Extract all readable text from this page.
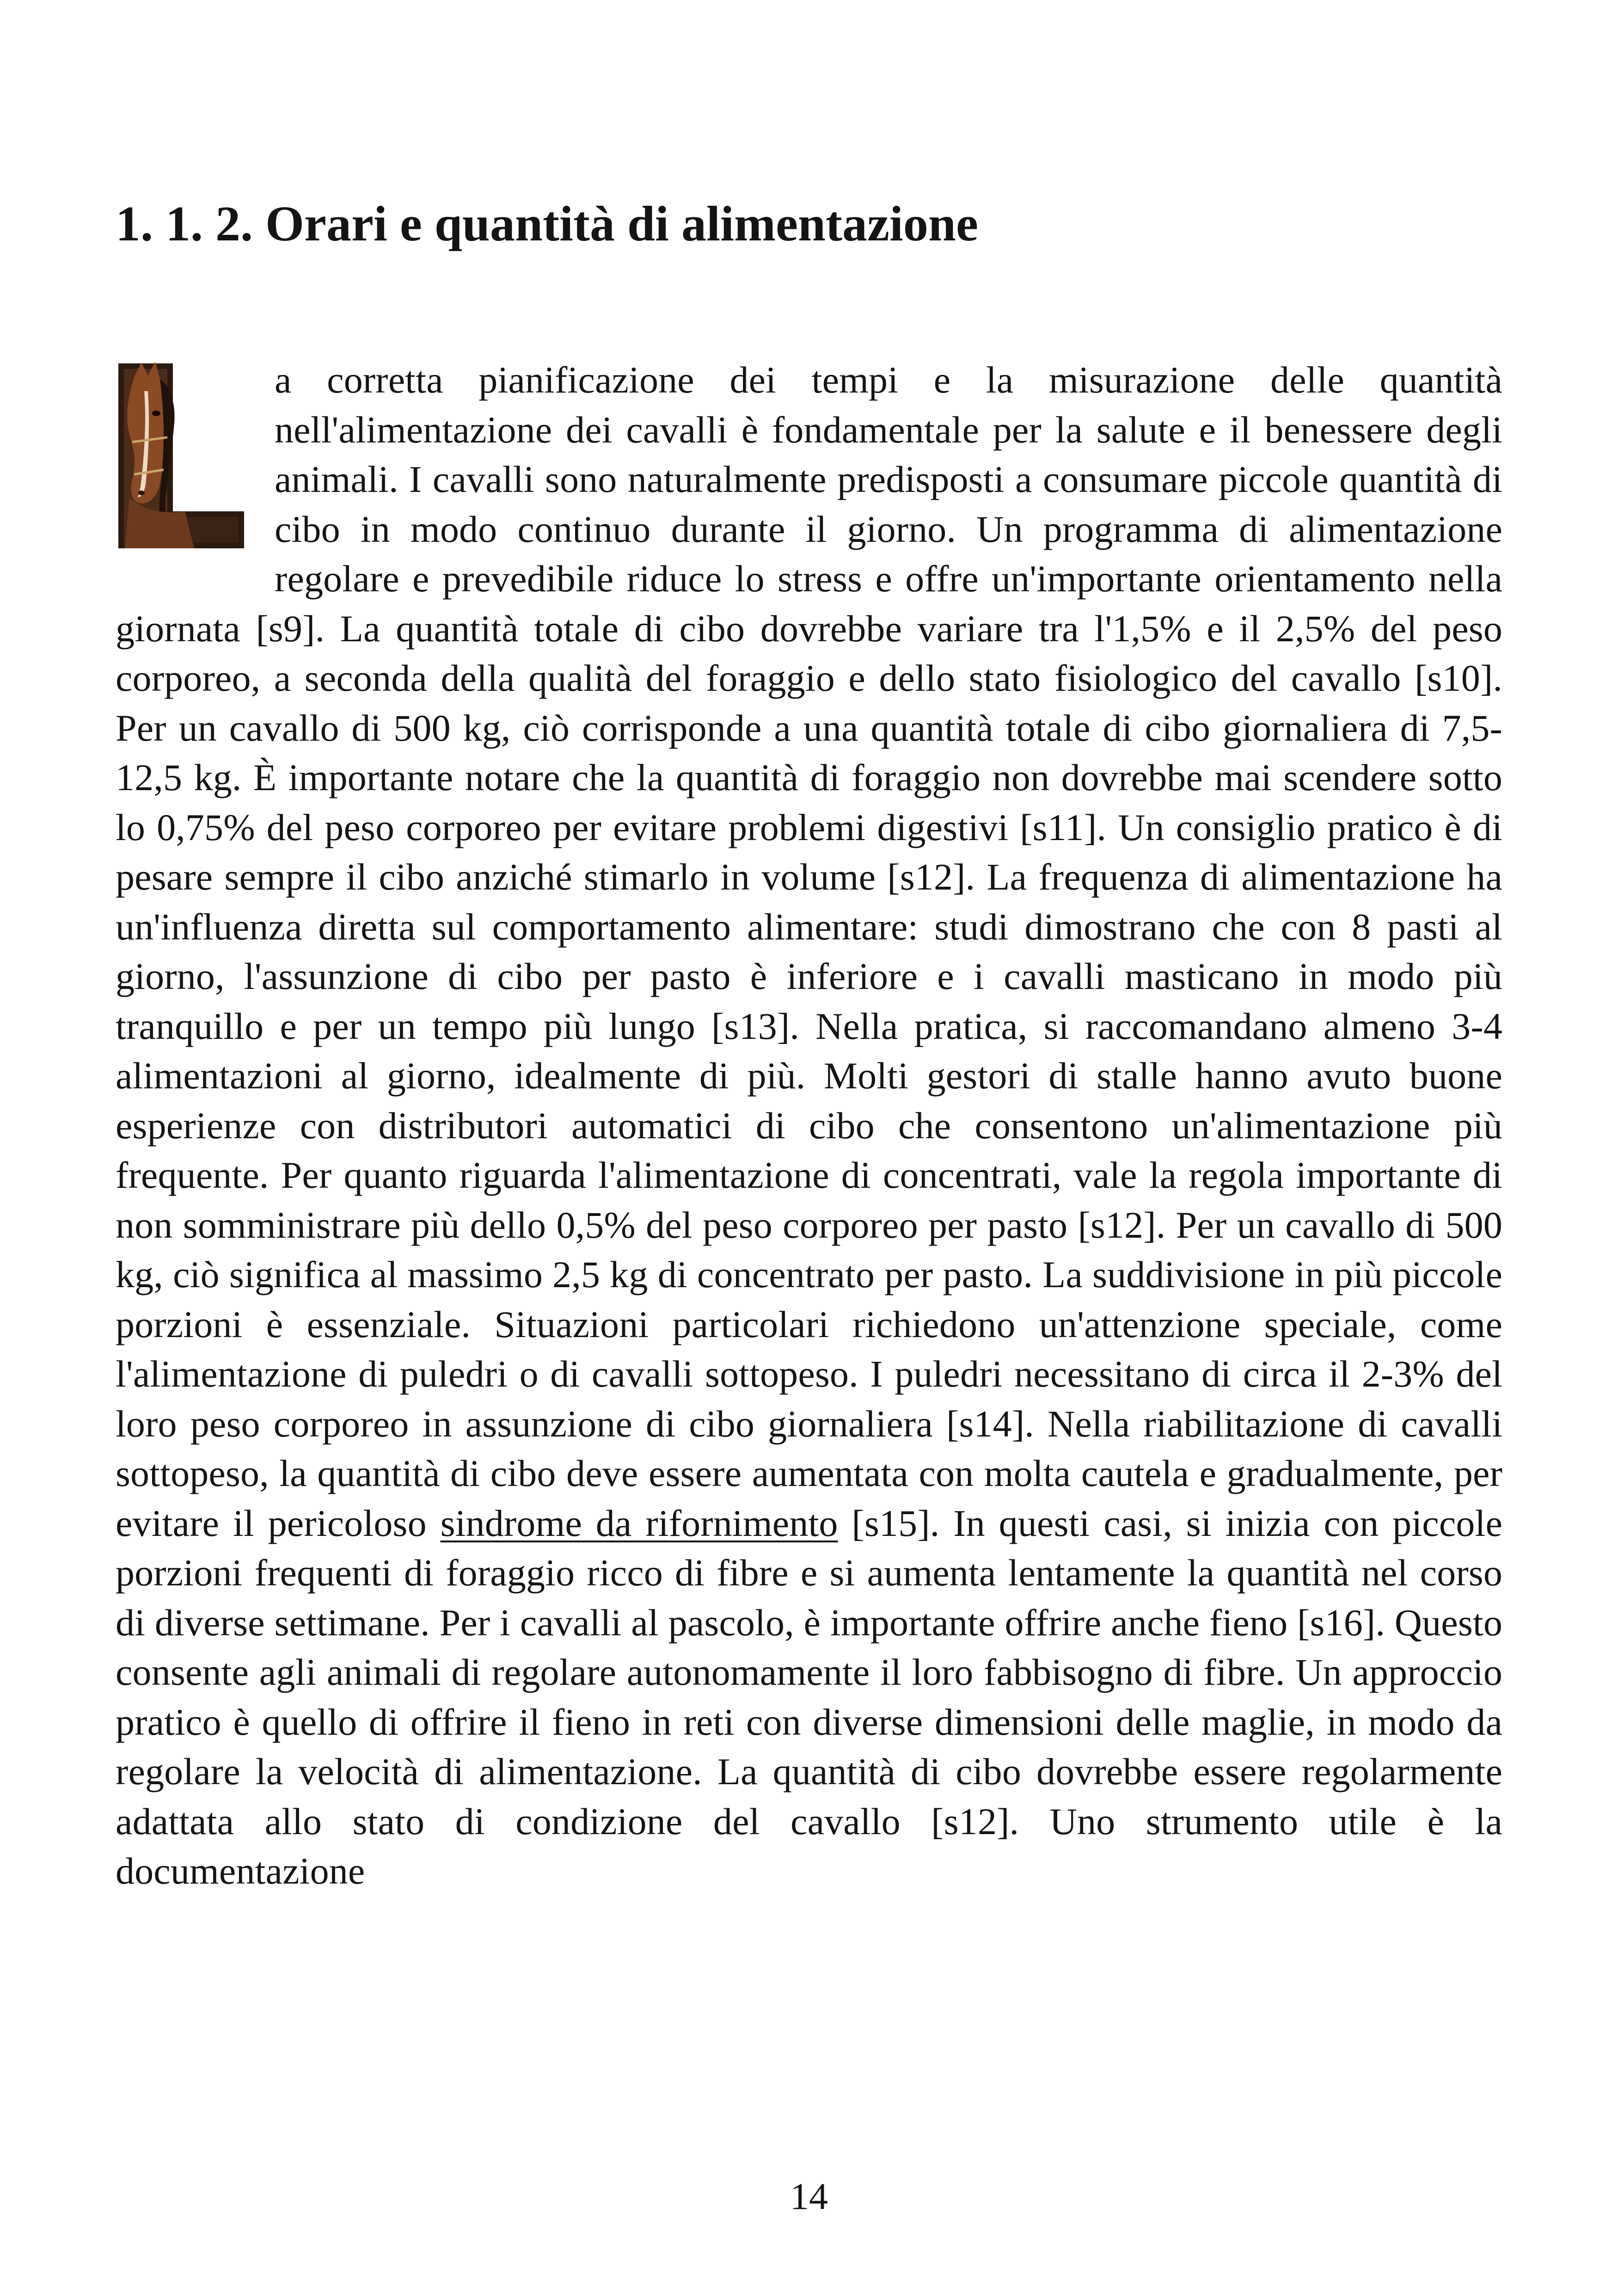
1. 1. 2. Orari e quantità di alimentazione

a corretta pianificazione dei tempi e la misurazione delle quantità nell'alimentazione dei cavalli è fondamentale per la salute e il benessere degli animali. I cavalli sono naturalmente predisposti a consumare piccole quantità di cibo in modo continuo durante il giorno. Un programma di alimentazione regolare e prevedibile riduce lo stress e offre un'importante orientamento nella giornata [s9]. La quantità totale di cibo dovrebbe variare tra l'1,5% e il 2,5% del peso corporeo, a seconda della qualità del foraggio e dello stato fisiologico del cavallo [s10]. Per un cavallo di 500 kg, ciò corrisponde a una quantità totale di cibo giornaliera di 7,5-12,5 kg. È importante notare che la quantità di foraggio non dovrebbe mai scendere sotto lo 0,75% del peso corporeo per evitare problemi digestivi [s11]. Un consiglio pratico è di pesare sempre il cibo anziché stimarlo in volume [s12]. La frequenza di alimentazione ha un'influenza diretta sul comportamento alimentare: studi dimostrano che con 8 pasti al giorno, l'assunzione di cibo per pasto è inferiore e i cavalli masticano in modo più tranquillo e per un tempo più lungo [s13]. Nella pratica, si raccomandano almeno 3-4 alimentazioni al giorno, idealmente di più. Molti gestori di stalle hanno avuto buone esperienze con distributori automatici di cibo che consentono un'alimentazione più frequente. Per quanto riguarda l'alimentazione di concentrati, vale la regola importante di non somministrare più dello 0,5% del peso corporeo per pasto [s12]. Per un cavallo di 500 kg, ciò significa al massimo 2,5 kg di concentrato per pasto. La suddivisione in più piccole porzioni è essenziale. Situazioni particolari richiedono un'attenzione speciale, come l'alimentazione di puledri o di cavalli sottopeso. I puledri necessitano di circa il 2-3% del loro peso corporeo in assunzione di cibo giornaliera [s14]. Nella riabilitazione di cavalli sottopeso, la quantità di cibo deve essere aumentata con molta cautela e gradualmente, per evitare il pericoloso sindrome da rifornimento [s15]. In questi casi, si inizia con piccole porzioni frequenti di foraggio ricco di fibre e si aumenta lentamente la quantità nel corso di diverse settimane. Per i cavalli al pascolo, è importante offrire anche fieno [s16]. Questo consente agli animali di regolare autonomamente il loro fabbisogno di fibre. Un approccio pratico è quello di offrire il fieno in reti con diverse dimensioni delle maglie, in modo da regolare la velocità di alimentazione. La quantità di cibo dovrebbe essere regolarmente adattata allo stato di condizione del cavallo [s12]. Uno strumento utile è la documentazione

14
